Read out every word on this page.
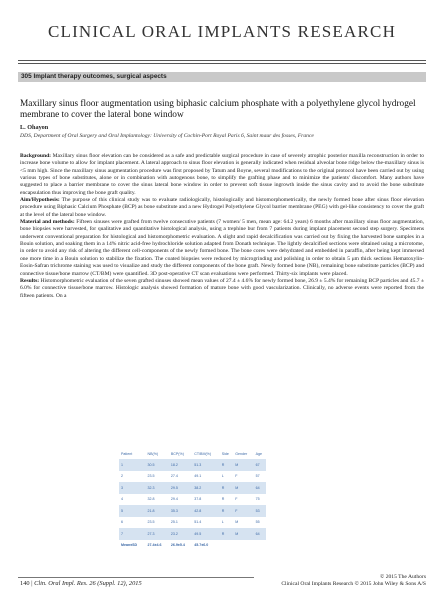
CLINICAL ORAL IMPLANTS RESEARCH
305 Implant therapy outcomes, surgical aspects
Maxillary sinus floor augmentation using biphasic calcium phosphate with a polyethylene glycol hydrogel membrane to cover the lateral bone window
L. Ohayon
DDS, Department of Oral Surgery and Oral Implantology: University of Cochin-Port Royal Paris 6, Saint maur des fosses, France

Background: Maxillary sinus floor elevation can be considered as a safe and predictable surgical procedure in case of severely atrophic posterior maxilla reconstruction in order to increase bone volume to allow for implant placement. A lateral approach to sinus floor elevation is generally indicated when residual alveolar bone ridge below the-maxillary sinus is <5 mm high. Since the maxillary sinus augmentation procedure was first proposed by Tatum and Boyne, several modifications to the original protocol have been carried out by using various types of bone substitutes, alone or in combination with autogenous bone, to simplify the grafting phase and to minimize the patients' discomfort. Many authors have suggested to place a barrier membrane to cover the sinus lateral bone window in order to prevent soft tissue ingrowth inside the sinus cavity and to avoid the bone substitute encapsulation thus improving the bone graft quality.

Aim/Hypothesis: The purpose of this clinical study was to evaluate radiologically, histologically and histomorphometrically, the newly formed bone after sinus floor elevation procedure using Biphasic Calcium Phosphate (BCP) as bone substitute and a new Hydrogel Polyethylene Glycol barrier membrane (PEG) with gel-like consistency to cover the graft at the level of the lateral bone window.

Material and methods: Fifteen sinuses were grafted from twelve consecutive patients (7 women/ 5 men, mean age: 64.2 years) 6 months after maxillary sinus floor augmentation, bone biopsies were harvested, for qualitative and quantitative histological analysis, using a trephine bur from 7 patients during implant placement second step surgery. Specimens underwent conventional preparation for histological and histomorphometric evaluation. A slight and rapid decalcification was carried out by fixing the harvested bone samples in a Bouin solution, and soaking them in a 14% nitric acid-free hydrochloride solution adapted from Donath technique. The lightly decalcified sections were obtained using a microtome, in order to avoid any risk of altering the different cell-components of the newly formed bone. The bone cores were dehydrated and embedded in paraffin, after being kept immersed one more time in a Bouin solution to stabilize the fixation. The coated biopsies were reduced by microgrinding and polishing in order to obtain 5 μm thick sections Hematoxylin-Eosin-Safran trichrome staining was used to visualize and study the different components of the bone graft. Newly formed bone (NB), remaining bone substitute particles (BCP) and connective tissue/bone marrow (CT/BM) were quantified. 3D post-operative CT scan evaluations were performed. Thirty-six implants were placed.

Results: Histomorphometric evaluation of the seven grafted sinuses showed mean values of 27.4 ± 4.6% for newly formed bone, 26.9 ± 5.4% for remaining BCP particles and 45.7 ± 6.0% for connective tissue/bone marrow. Histologic analysis showed formation of mature bone with good vascularization. Clinically, no adverse events were reported from the fifteen patients. On a

Patient	NB(%)	BCP(%)	CT/BM(%)	Side	Gender	Age
1	30.5	18.2	51.3	R	M	67
2	23.5	27.4	49.1	L	F	57
3	32.3	29.5	38.2	R	M	64
4	32.8	29.4	37.8	R	F	75
5	21.8	35.3	42.8	R	F	53
6	23.5	25.1	51.4	L	M	55
7	27.3	23.2	49.5	R	M	64
Mean±SD	27.4±4.6	26.9±5.4	45.7±6.0			
140 | Clin. Oral Impl. Res. 26 (Suppl. 12), 2015
© 2015 The Authors
Clinical Oral Implants Research © 2015 John Wiley & Sons A/S
